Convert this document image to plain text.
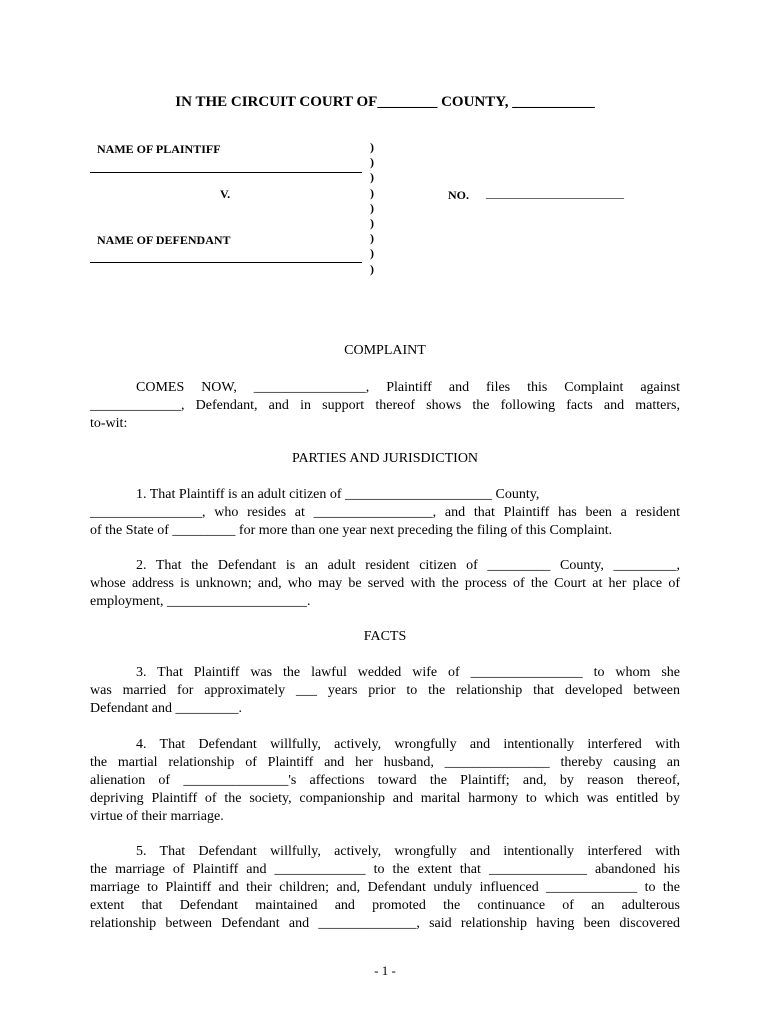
IN THE CIRCUIT COURT OF________ COUNTY, ___________
NAME OF PLAINTIFF
V.
NAME OF DEFENDANT
)
)
)
)
)
)
)
)
)
NO. _______________________
COMPLAINT
COMES NOW, ________________, Plaintiff and files this Complaint against
_____________, Defendant, and in support thereof shows the following facts and matters,
to-wit:
PARTIES AND JURISDICTION
1. That Plaintiff is an adult citizen of _____________________ County,
________________, who resides at _________________, and that Plaintiff has been a resident
of the State of _________ for more than one year next preceding the filing of this Complaint.
2. That the Defendant is an adult resident citizen of _________ County, _________,
whose address is unknown; and, who may be served with the process of the Court at her place of
employment, ____________________.
FACTS
3. That Plaintiff was the lawful wedded wife of ________________ to whom she
was married for approximately ___ years prior to the relationship that developed between
Defendant and _________.
4. That Defendant willfully, actively, wrongfully and intentionally interfered with
the martial relationship of Plaintiff and her husband, _______________ thereby causing an
alienation of _______________'s affections toward the Plaintiff; and, by reason thereof,
depriving Plaintiff of the society, companionship and marital harmony to which was entitled by
virtue of their marriage.
5. That Defendant willfully, actively, wrongfully and intentionally interfered with
the marriage of Plaintiff and _____________ to the extent that ______________ abandoned his
marriage to Plaintiff and their children; and, Defendant unduly influenced _____________ to the
extent that Defendant maintained and promoted the continuance of an adulterous
relationship between Defendant and ______________, said relationship having been discovered
- 1 -
